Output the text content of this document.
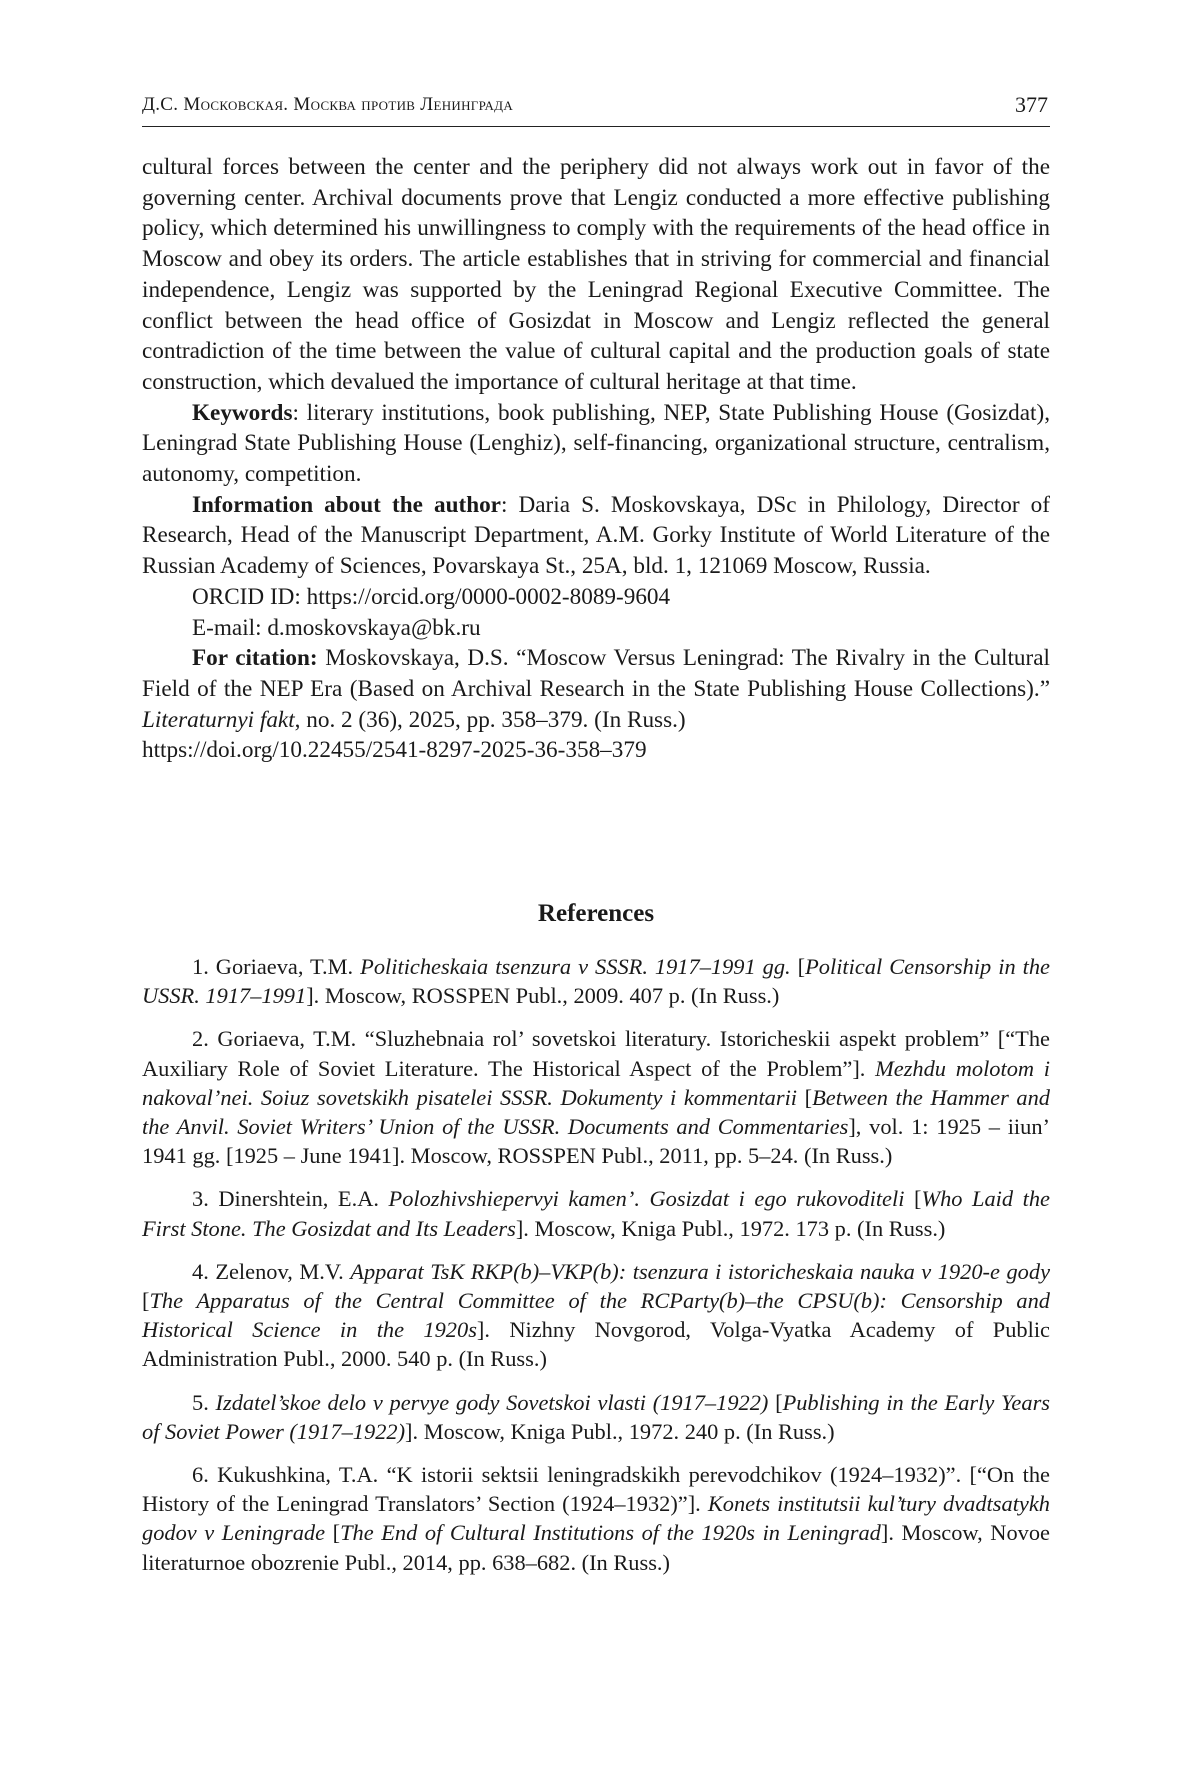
Д.С. Московская. Москва против Ленинграда	377

cultural forces between the center and the periphery did not always work out in favor of the governing center. Archival documents prove that Lengiz conducted a more effective publishing policy, which determined his unwillingness to comply with the requirements of the head office in Moscow and obey its orders. The article establishes that in striving for commercial and financial independence, Lengiz was supported by the Leningrad Regional Executive Committee. The conflict between the head office of Gosizdat in Moscow and Lengiz reflected the general contradiction of the time between the value of cultural capital and the production goals of state construction, which devalued the importance of cultural heritage at that time.

Keywords: literary institutions, book publishing, NEP, State Publishing House (Gosizdat), Leningrad State Publishing House (Lenghiz), self-financing, organizational structure, centralism, autonomy, competition.

Information about the author: Daria S. Moskovskaya, DSc in Philology, Director of Research, Head of the Manuscript Department, A.M. Gorky Institute of World Literature of the Russian Academy of Sciences, Povarskaya St., 25A, bld. 1, 121069 Moscow, Russia.

ORCID ID: https://orcid.org/0000-0002-8089-9604

E-mail: d.moskovskaya@bk.ru

For citation: Moskovskaya, D.S. “Moscow Versus Leningrad: The Rivalry in the Cultural Field of the NEP Era (Based on Archival Research in the State Publishing House Collections).” Literaturnyi fakt, no. 2 (36), 2025, pp. 358–379. (In Russ.)

https://doi.org/10.22455/2541-8297-2025-36-358–379

References

1. Goriaeva, T.M. Politicheskaia tsenzura v SSSR. 1917–1991 gg. [Political Censorship in the USSR. 1917–1991]. Moscow, ROSSPEN Publ., 2009. 407 p. (In Russ.)

2. Goriaeva, T.M. “Sluzhebnaia rol’ sovetskoi literatury. Istoricheskii aspekt problem” [“The Auxiliary Role of Soviet Literature. The Historical Aspect of the Problem”]. Mezhdu molotom i nakoval’nei. Soiuz sovetskikh pisatelei SSSR. Dokumenty i kommentarii [Between the Hammer and the Anvil. Soviet Writers’ Union of the USSR. Documents and Commentaries], vol. 1: 1925 – iiun’ 1941 gg. [1925 – June 1941]. Moscow, ROSSPEN Publ., 2011, pp. 5–24. (In Russ.)

3. Dinershtein, E.A. Polozhivshiepervyi kamen’. Gosizdat i ego rukovoditeli [Who Laid the First Stone. The Gosizdat and Its Leaders]. Moscow, Kniga Publ., 1972. 173 p. (In Russ.)

4. Zelenov, M.V. Apparat TsK RKP(b)–VKP(b): tsenzura i istoricheskaia nauka v 1920-e gody [The Apparatus of the Central Committee of the RCParty(b)–the CPSU(b): Censorship and Historical Science in the 1920s]. Nizhny Novgorod, Volga-Vyatka Academy of Public Administration Publ., 2000. 540 p. (In Russ.)

5. Izdatel’skoe delo v pervye gody Sovetskoi vlasti (1917–1922) [Publishing in the Early Years of Soviet Power (1917–1922)]. Moscow, Kniga Publ., 1972. 240 p. (In Russ.)

6. Kukushkina, T.A. “K istorii sektsii leningradskikh perevodchikov (1924–1932)”. [“On the History of the Leningrad Translators’ Section (1924–1932)”]. Konets institutsii kul’tury dvadtsatykh godov v Leningrade [The End of Cultural Institutions of the 1920s in Leningrad]. Moscow, Novoe literaturnoe obozrenie Publ., 2014, pp. 638–682. (In Russ.)
